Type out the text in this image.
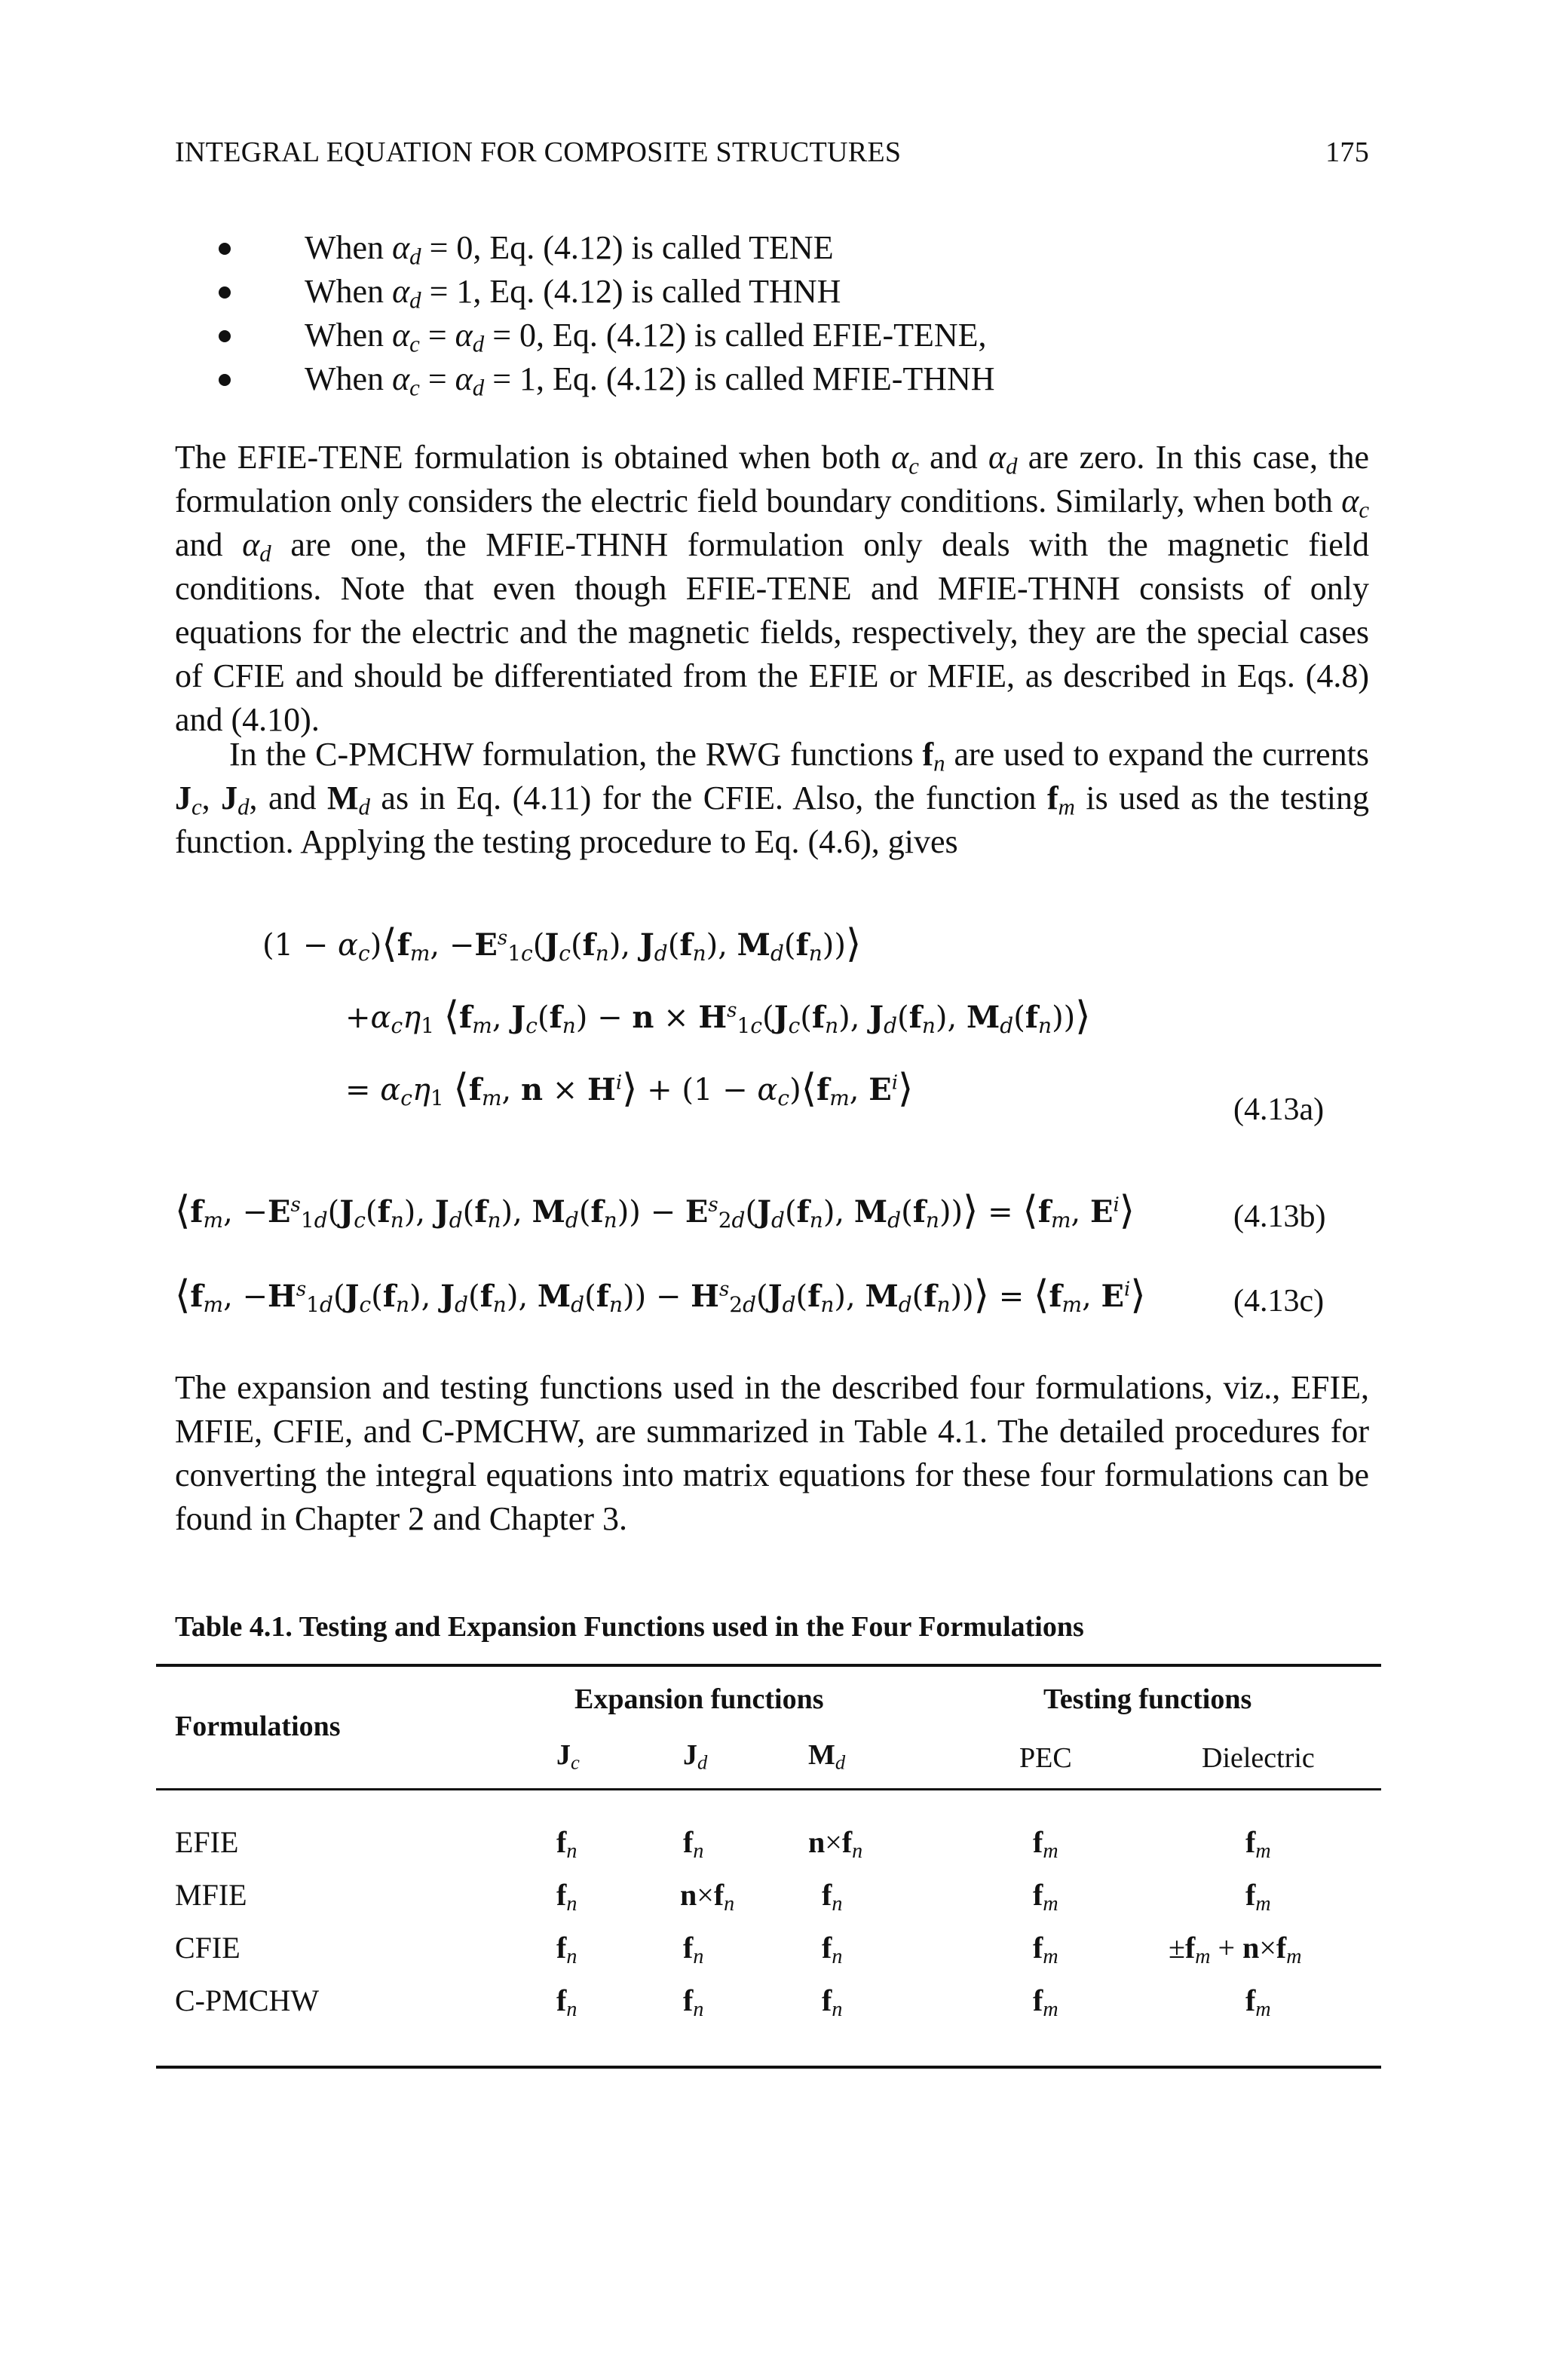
INTEGRAL EQUATION FOR COMPOSITE STRUCTURES	175
When $\alpha_d = 0$, Eq. (4.12) is called TENE
When $\alpha_d = 1$, Eq. (4.12) is called THNH
When $\alpha_c = \alpha_d = 0$, Eq. (4.12) is called EFIE-TENE,
When $\alpha_c = \alpha_d = 1$, Eq. (4.12) is called MFIE-THNH

The EFIE-TENE formulation is obtained when both $\alpha_c$ and $\alpha_d$ are zero. In this case, the formulation only considers the electric field boundary conditions. Similarly, when both $\alpha_c$ and $\alpha_d$ are one, the MFIE-THNH formulation only deals with the magnetic field conditions. Note that even though EFIE-TENE and MFIE-THNH consists of only equations for the electric and the magnetic fields, respectively, they are the special cases of CFIE and should be differentiated from the EFIE or MFIE, as described in Eqs. (4.8) and (4.10).

In the C-PMCHW formulation, the RWG functions $f_n$ are used to expand the currents $J_c$, $J_d$, and $M_d$ as in Eq. (4.11) for the CFIE. Also, the function $f_m$ is used as the testing function. Applying the testing procedure to Eq. (4.6), gives

$(1 - \alpha_c)⟨f_m$, $-E^s_{1c}(J_c(f_n)$, $J_d(f_n)$, $M_d(f_n))⟩$
$+\alpha_c\eta_1$ $⟨f_m$, $J_c(f_n) - n \times H^s_{1c}(J_c(f_n)$, $J_d(f_n)$, $M_d(f_n))⟩$
= $\alpha_c\eta_1$ $⟨f_m$, $n \times H^i⟩ + (1$ − $\alpha_c)⟨f_m$, $E^i⟩$	(4.13a)
$⟨f_m$, $-E^s_{1d}(J_c(f_n)$, $J_d(f_n)$, $M_d(f_n)) - E^s_{2d}(J_d(f_n)$, $M_d(f_n))⟩$ = $⟨f_m$, $E^i⟩$	(4.13b)
$⟨f_m$, $-H^s_{1d}(J_c(f_n)$, $J_d(f_n)$, $M_d(f_n)) - H^s_{2d}(J_d(f_n)$, $M_d(f_n))⟩$ = $⟨f_m$, $E^i⟩$	(4.13c)

The expansion and testing functions used in the described four formulations, viz., EFIE, MFIE, CFIE, and C-PMCHW, are summarized in Table 4.1. The detailed procedures for converting the integral equations into matrix equations for these four formulations can be found in Chapter 2 and Chapter 3.

Table 4.1. Testing and Expansion Functions used in the Four Formulations
Formulations
Expansion functions	Testing functions
$J_c$	$J_d$	$M_d$	PEC	Dielectric
EFIE	$f_n$	$f_n$	$n\times f_n$	$f_m$	$f_m$
MFIE	$f_n$	$n\times f_n$	$f_n$	$f_m$	$f_m$
CFIE	$f_n$	$f_n$	$f_n$	$f_m$	$\pm f_m + n\times f_m$
C-PMCHW	$f_n$	$f_n$	$f_n$	$f_m$	$f_m$
